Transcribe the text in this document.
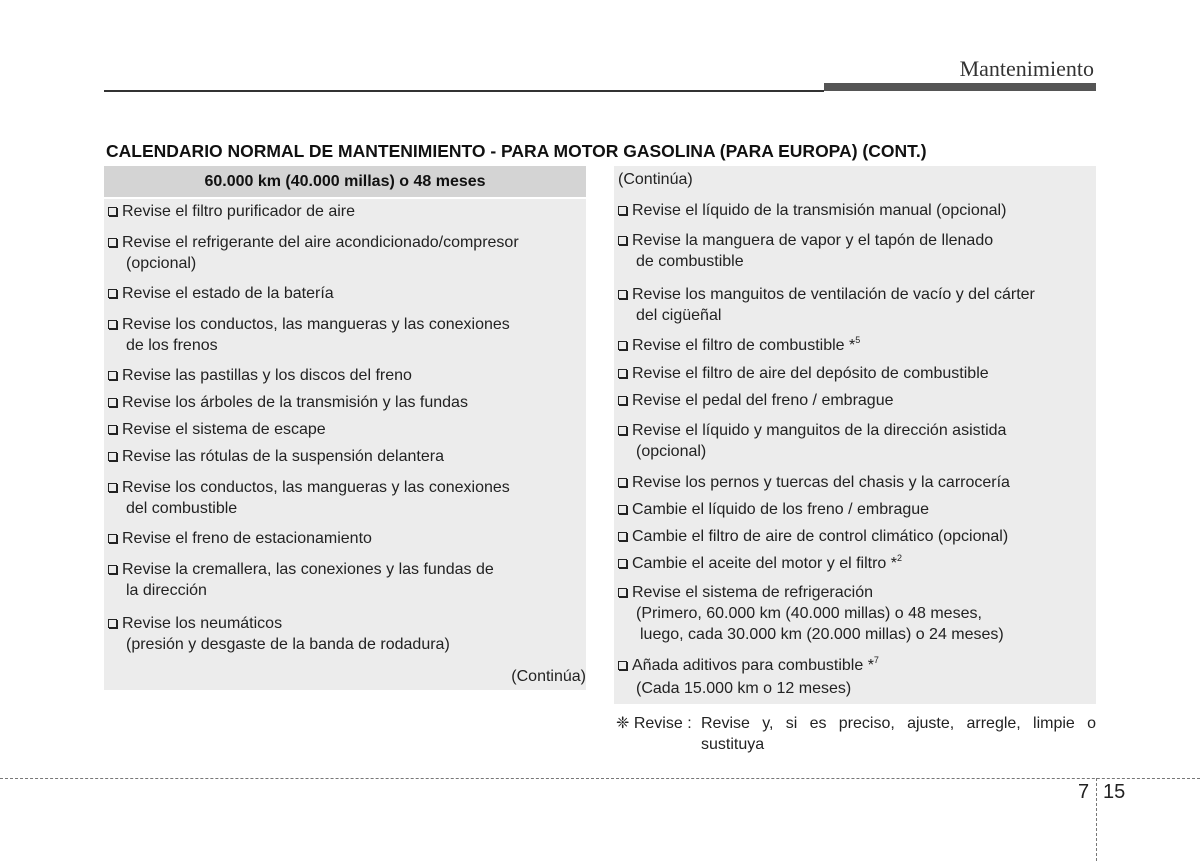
Mantenimiento
CALENDARIO NORMAL DE MANTENIMIENTO - PARA MOTOR GASOLINA (PARA EUROPA) (CONT.)
60.000 km (40.000 millas) o 48 meses
Revise el filtro purificador de aire
Revise el refrigerante del aire acondicionado/compresor
(opcional)
Revise el estado de la batería
Revise los conductos, las mangueras y las conexiones
de los frenos
Revise las pastillas y los discos del freno
Revise los árboles de la transmisión y las fundas
Revise el sistema de escape
Revise las rótulas de la suspensión delantera
Revise los conductos, las mangueras y las conexiones
del combustible
Revise el freno de estacionamiento
Revise la cremallera, las conexiones y las fundas de
la dirección
Revise los neumáticos
(presión y desgaste de la banda de rodadura)
(Continúa)
(Continúa)
Revise el líquido de la transmisión manual (opcional)
Revise la manguera de vapor y el tapón de llenado
de combustible
Revise los manguitos de ventilación de vacío y del cárter
del cigüeñal
Revise el filtro de combustible *$^5$
Revise el filtro de aire del depósito de combustible
Revise el pedal del freno / embrague
Revise el líquido y manguitos de la dirección asistida
(opcional)
Revise los pernos y tuercas del chasis y la carrocería
Cambie el líquido de los freno / embrague
Cambie el filtro de aire de control climático (opcional)
Cambie el aceite del motor y el filtro *$^2$
Revise el sistema de refrigeración
(Primero, 60.000 km (40.000 millas) o 48 meses,
luego, cada 30.000 km (20.000 millas) o 24 meses)
Añada aditivos para combustible *$^7$
(Cada 15.000 km o 12 meses)
❈ Revise : Revise y, si es preciso, ajuste, arregle, limpie o sustituya
7 15
